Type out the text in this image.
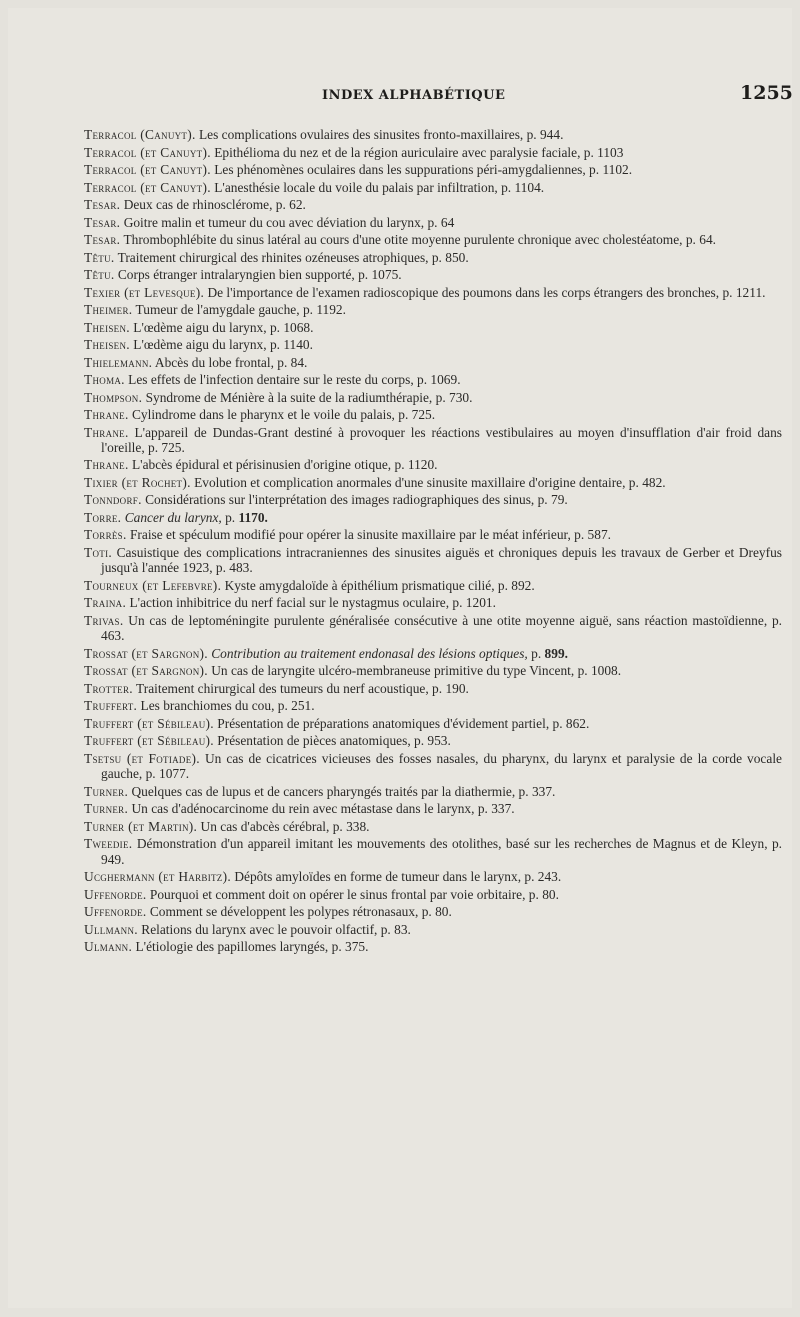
INDEX ALPHABÉTIQUE	1255
Terracol (Canuyt). Les complications ovulaires des sinusites fronto-maxillaires, p. 944.
Terracol (et Canuyt). Epithélioma du nez et de la région auriculaire avec paralysie faciale, p. 1103
Terracol (et Canuyt). Les phénomènes oculaires dans les suppurations péri-amygdaliennes, p. 1102.
Terracol (et Canuyt). L'anesthésie locale du voile du palais par infiltration, p. 1104.
Tesar. Deux cas de rhinosclérome, p. 62.
Tesar. Goitre malin et tumeur du cou avec déviation du larynx, p. 64
Tesar. Thrombophlébite du sinus latéral au cours d'une otite moyenne purulente chronique avec cholestéatome, p. 64.
Têtu. Traitement chirurgical des rhinites ozéneuses atrophiques, p. 850.
Têtu. Corps étranger intralaryngien bien supporté, p. 1075.
Texier (et Levesque). De l'importance de l'examen radioscopique des poumons dans les corps étrangers des bronches, p. 1211.
Theimer. Tumeur de l'amygdale gauche, p. 1192.
Theisen. L'œdème aigu du larynx, p. 1068.
Theisen. L'œdème aigu du larynx, p. 1140.
Thielemann. Abcès du lobe frontal, p. 84.
Thoma. Les effets de l'infection dentaire sur le reste du corps, p. 1069.
Thompson. Syndrome de Ménière à la suite de la radiumthérapie, p. 730.
Thrane. Cylindrome dans le pharynx et le voile du palais, p. 725.
Thrane. L'appareil de Dundas-Grant destiné à provoquer les réactions vestibulaires au moyen d'insufflation d'air froid dans l'oreille, p. 725.
Thrane. L'abcès épidural et périsinusien d'origine otique, p. 1120.
Tixier (et Rochet). Evolution et complication anormales d'une sinusite maxillaire d'origine dentaire, p. 482.
Tonndorf. Considérations sur l'interprétation des images radiographiques des sinus, p. 79.
Torre. Cancer du larynx, p. 1170.
Torrès. Fraise et spéculum modifié pour opérer la sinusite maxillaire par le méat inférieur, p. 587.
Toti. Casuistique des complications intracraniennes des sinusites aiguës et chroniques depuis les travaux de Gerber et Dreyfus jusqu'à l'année 1923, p. 483.
Tourneux (et Lefebvre). Kyste amygdaloïde à épithélium prismatique cilié, p. 892.
Traina. L'action inhibitrice du nerf facial sur le nystagmus oculaire, p. 1201.
Trivas. Un cas de leptoméningite purulente généralisée consécutive à une otite moyenne aiguë, sans réaction mastoïdienne, p. 463.
Trossat (et Sargnon). Contribution au traitement endonasal des lésions optiques, p. 899.
Trossat (et Sargnon). Un cas de laryngite ulcéro-membraneuse primitive du type Vincent, p. 1008.
Trotter. Traitement chirurgical des tumeurs du nerf acoustique, p. 190.
Truffert. Les branchiomes du cou, p. 251.
Truffert (et Sébileau). Présentation de préparations anatomiques d'évidement partiel, p. 862.
Truffert (et Sébileau). Présentation de pièces anatomiques, p. 953.
Tsetsu (et Fotiade). Un cas de cicatrices vicieuses des fosses nasales, du pharynx, du larynx et paralysie de la corde vocale gauche, p. 1077.
Turner. Quelques cas de lupus et de cancers pharyngés traités par la diathermie, p. 337.
Turner. Un cas d'adénocarcinome du rein avec métastase dans le larynx, p. 337.
Turner (et Martin). Un cas d'abcès cérébral, p. 338.
Tweedie. Démonstration d'un appareil imitant les mouvements des otolithes, basé sur les recherches de Magnus et de Kleyn, p. 949.
Ucghermann (et Harbitz). Dépôts amyloïdes en forme de tumeur dans le larynx, p. 243.
Uffenorde. Pourquoi et comment doit on opérer le sinus frontal par voie orbitaire, p. 80.
Uffenorde. Comment se développent les polypes rétronasaux, p. 80.
Ullmann. Relations du larynx avec le pouvoir olfactif, p. 83.
Ulmann. L'étiologie des papillomes laryngés, p. 375.
